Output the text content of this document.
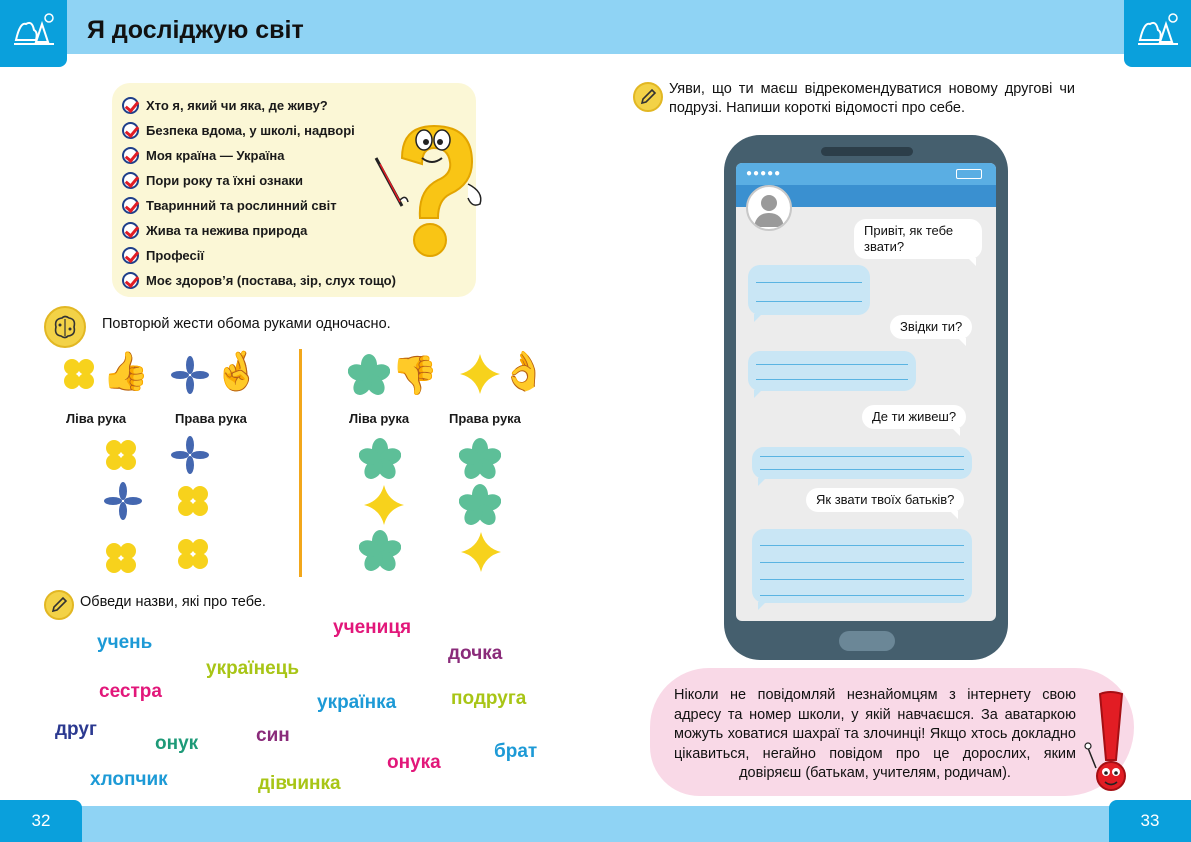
Я досліджую світ
Хто я, який чи яка, де живу?
Безпека вдома, у школі, надворі
Моя країна — Україна
Пори року та їхні ознаки
Тваринний та рослинний світ
Жива та нежива природа
Професії
Моє здоров’я (постава, зір, слух тощо)
Повторюй жести обома руками одночасно.
👍 🤞
Ліва рука	Права рука
👎 👌
Ліва рука	Права рука
Обведи назви, які про тебе.
учениця
учень
дочка
українець
сестра
українка	подруга
друг
онук	син
брат
онука
хлопчик	дівчинка
Уяви, що ти маєш відрекомендуватися новому другові чи подрузі. Напиши короткі відомості про себе.
●●●●●
Привіт, як тебе звати?
Звідки ти?
Де ти живеш?
Як звати твоїх батьків?

Ніколи не повідомляй незнайомцям з інтернету свою адресу та номер школи, у якій навчаєшся. За аватаркою можуть ховатися шахраї та злочинці! Якщо хтось докладно цікавиться, негайно повідом про це дорослих, яким довіряєш (батькам, учителям, родичам).

32	33
